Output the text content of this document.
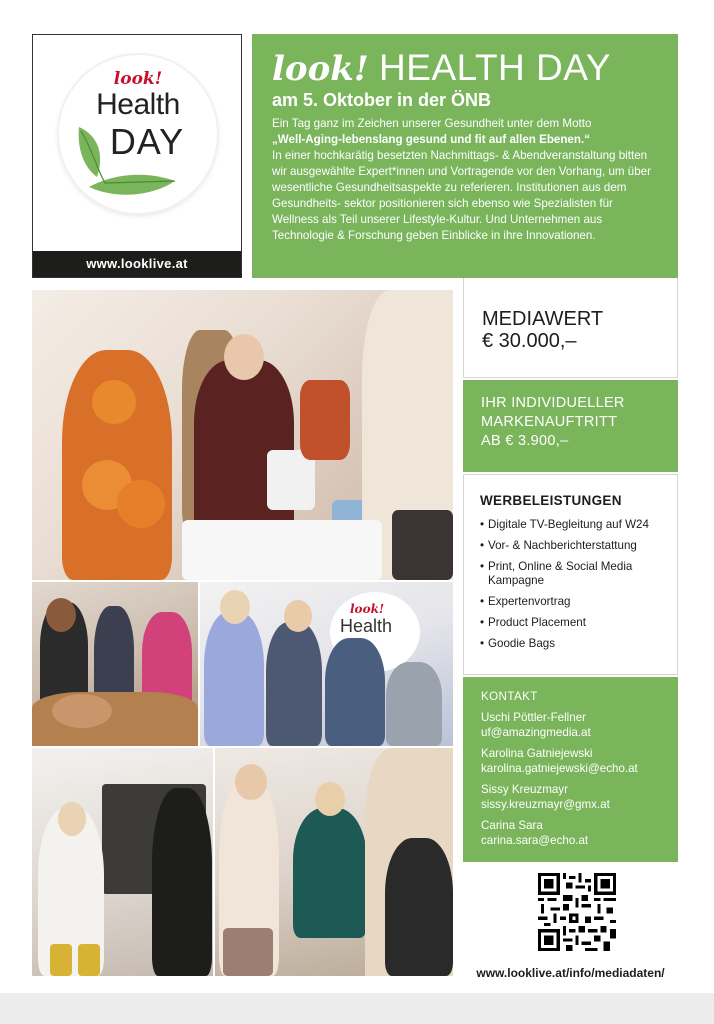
look!
Health
DAY
www.looklive.at
look! HEALTH DAY
am 5. Oktober in der ÖNB
Ein Tag ganz im Zeichen unserer Gesundheit unter dem Motto
„Well-Aging-lebenslang gesund und fit auf allen Ebenen.“
In einer hochkarätig besetzten Nachmittags- & Abendveranstaltung bitten wir ausgewählte Expert*innen und Vortragende vor den Vorhang, um über wesentliche Gesundheitsaspekte zu referieren. Institutionen aus dem Gesundheits- sektor positionieren sich ebenso wie Spezialisten für Wellness als Teil unserer Lifestyle-Kultur. Und Unternehmen aus Technologie & Forschung geben Einblicke in ihre Innovationen.
look!
Health
MEDIAWERT
€ 30.000,–
IHR INDIVIDUELLER
MARKENAUFTRITT
AB € 3.900,–
WERBELEISTUNGEN
• Digitale TV-Begleitung auf W24
• Vor- & Nachberichterstattung
• Print, Online & Social Media Kampagne
• Expertenvortrag
• Product Placement
• Goodie Bags
KONTAKT
Uschi Pöttler-Fellner
uf@amazingmedia.at
Karolina Gatniejewski
karolina.gatniejewski@echo.at
Sissy Kreuzmayr
sissy.kreuzmayr@gmx.at
Carina Sara
carina.sara@echo.at
www.looklive.at/info/mediadaten/
